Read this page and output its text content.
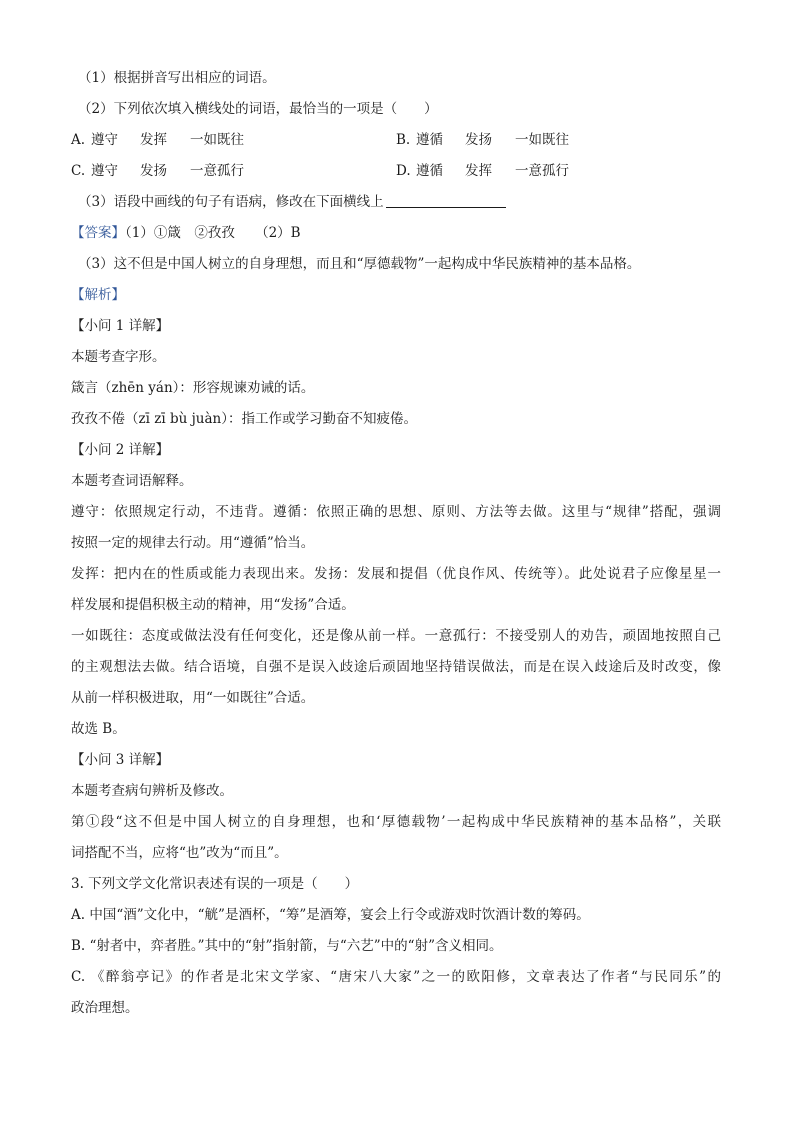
（1）根据拼音写出相应的词语。
（2）下列依次填入横线处的词语，最恰当的一项是（　　）
A. 遵守	发挥	一如既往	B. 遵循	发扬	一如既往
C. 遵守	发扬	一意孤行	D. 遵循	发挥	一意孤行
（3）语段中画线的句子有语病，修改在下面横线上
【答案】（1）①箴　②孜孜　　（2）B
（3）这不但是中国人树立的自身理想，而且和“厚德载物”一起构成中华民族精神的基本品格。
【解析】
【小问 1 详解】
本题考查字形。
箴言（zhēn yán）：形容规谏劝诫的话。
孜孜不倦（zī zī bù juàn）：指工作或学习勤奋不知疲倦。
【小问 2 详解】
本题考查词语解释。
遵守：依照规定行动，不违背。遵循：依照正确的思想、原则、方法等去做。这里与“规律”搭配，强调
按照一定的规律去行动。用“遵循”恰当。
发挥：把内在的性质或能力表现出来。发扬：发展和提倡（优良作风、传统等）。此处说君子应像星星一
样发展和提倡积极主动的精神，用“发扬”合适。
一如既往：态度或做法没有任何变化，还是像从前一样。一意孤行：不接受别人的劝告，顽固地按照自己
的主观想法去做。结合语境，自强不是误入歧途后顽固地坚持错误做法，而是在误入歧途后及时改变，像
从前一样积极进取，用“一如既往”合适。
故选 B。
【小问 3 详解】
本题考查病句辨析及修改。
第①段“这不但是中国人树立的自身理想，也和‘厚德载物’一起构成中华民族精神的基本品格”，关联
词搭配不当，应将“也”改为“而且”。
3. 下列文学文化常识表述有误的一项是（　　）
A. 中国“酒”文化中，“觥”是酒杯，“筹”是酒筹，宴会上行令或游戏时饮酒计数的筹码。
B. “射者中，弈者胜。”其中的“射”指射箭，与“六艺”中的“射”含义相同。
C. 《醉翁亭记》的作者是北宋文学家、“唐宋八大家”之一的欧阳修，文章表达了作者“与民同乐”的
政治理想。
